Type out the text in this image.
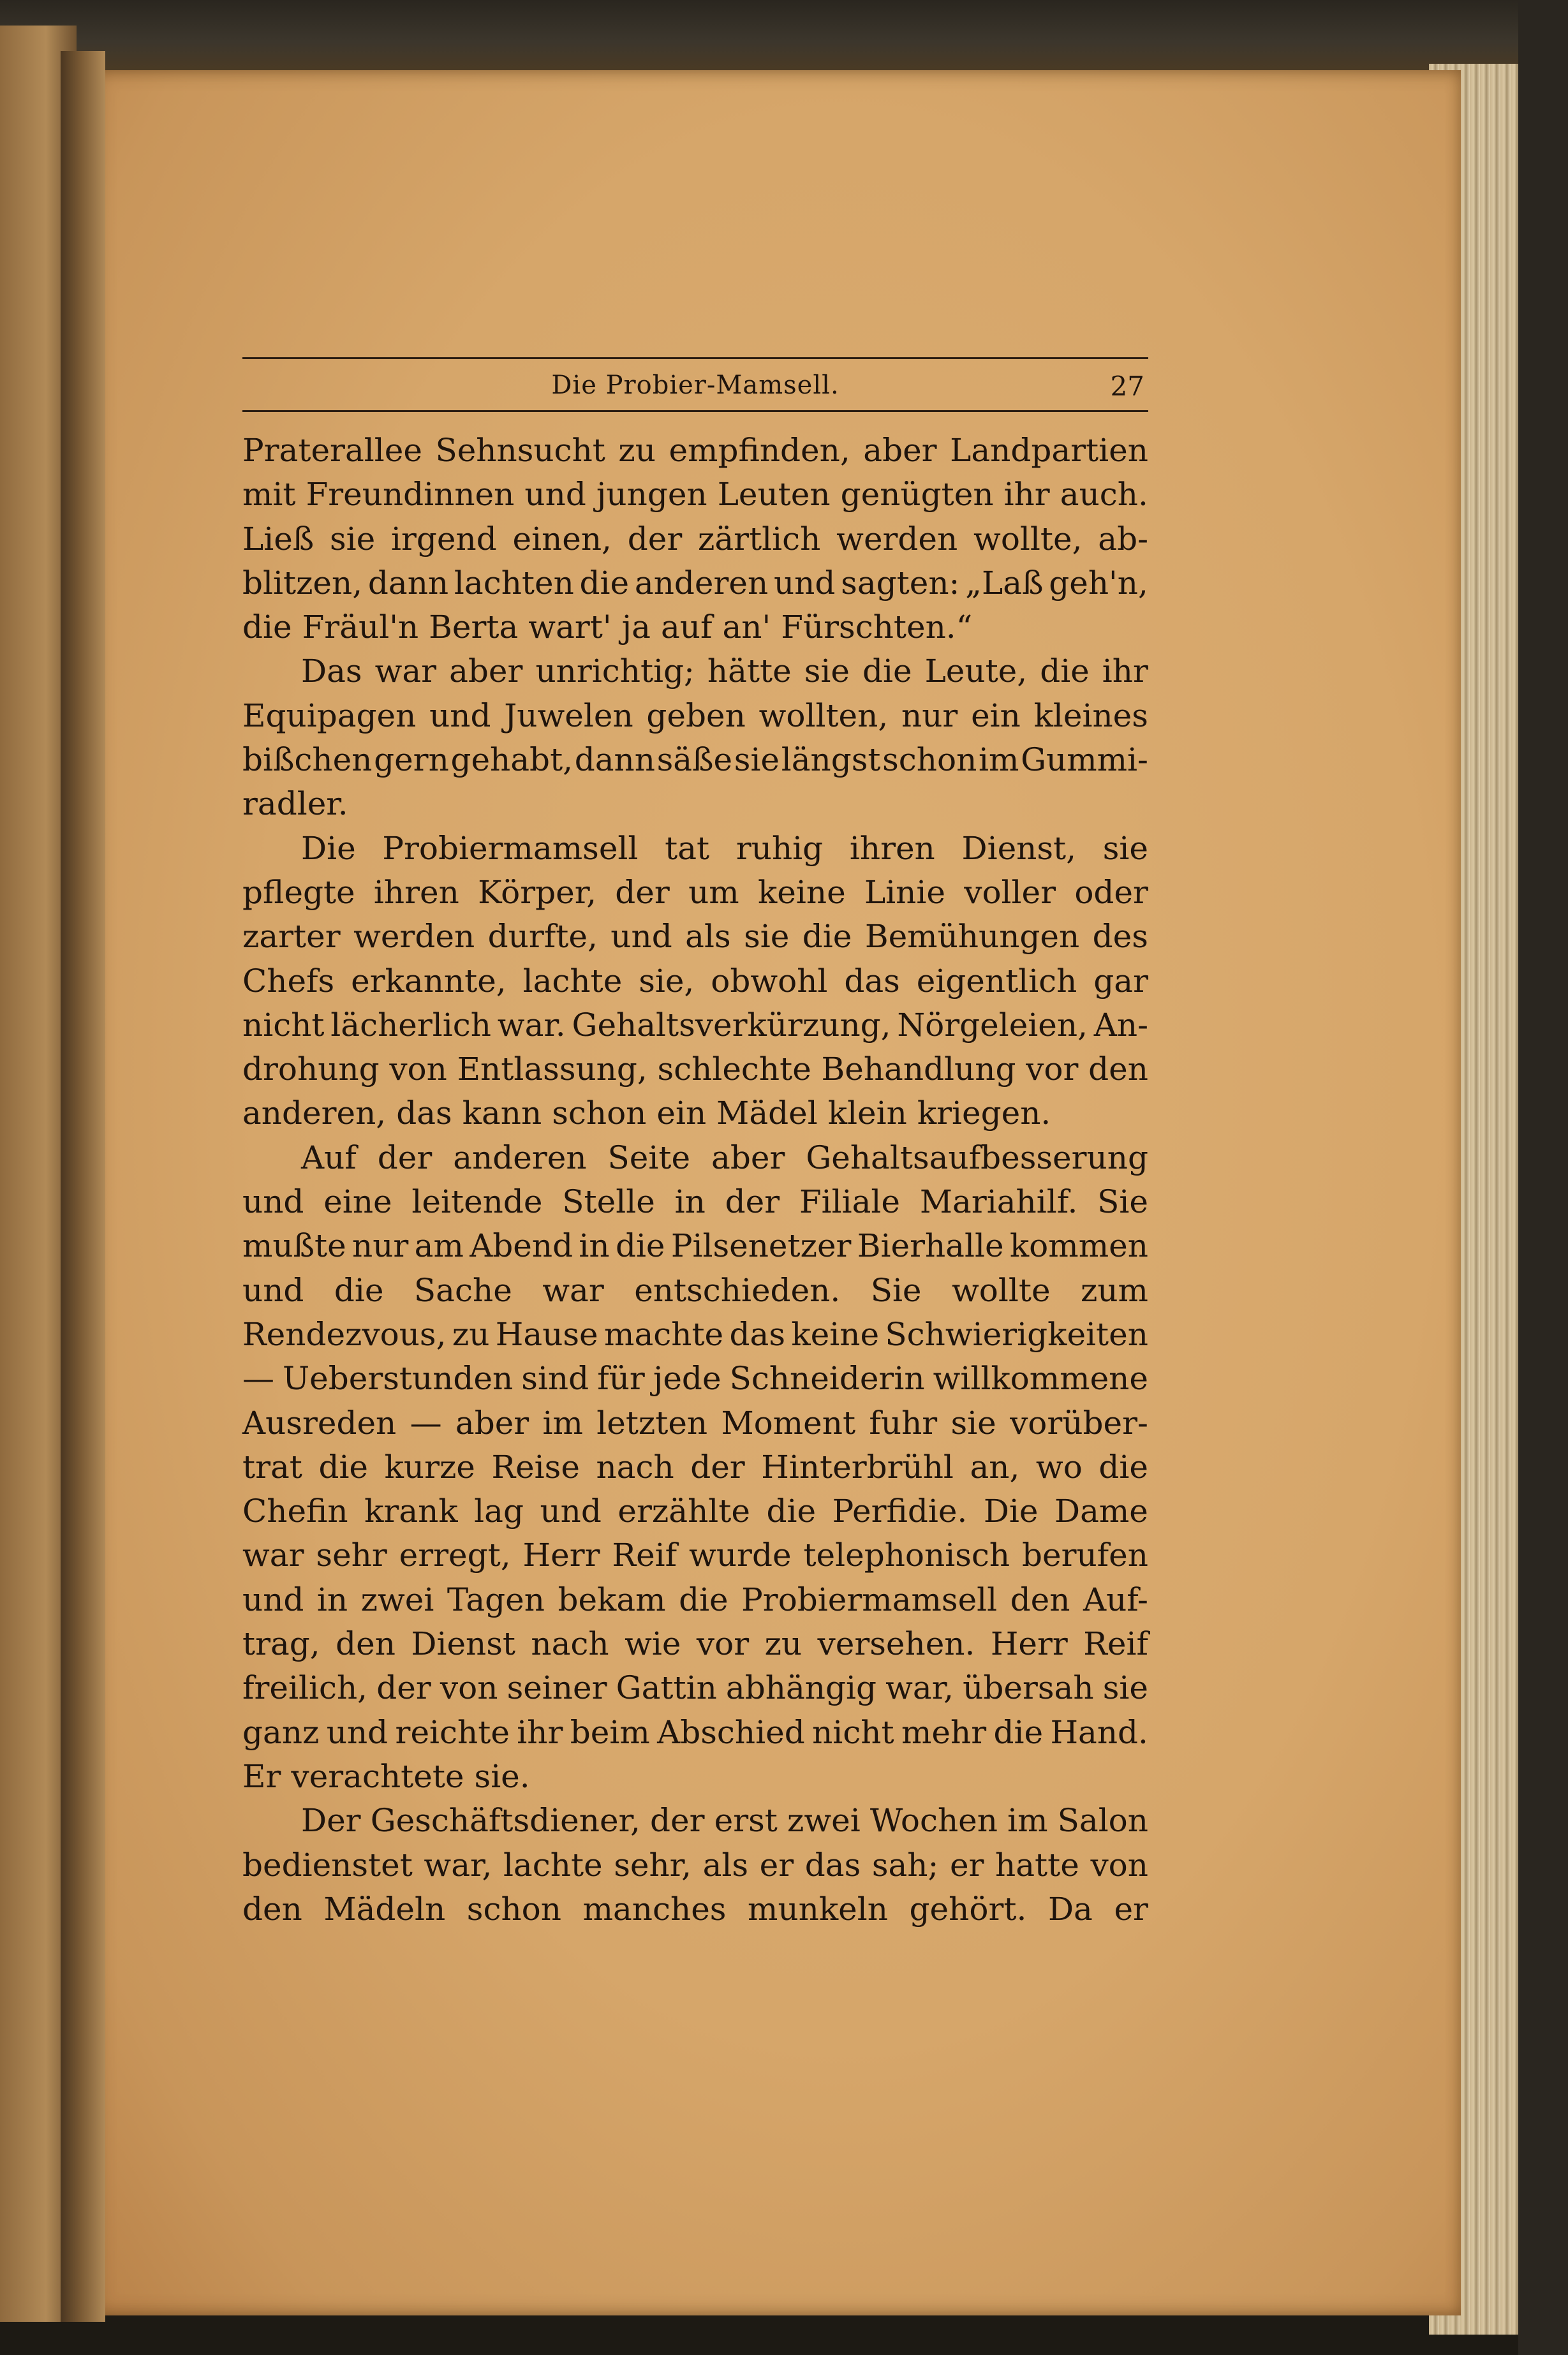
Die Probier-Mamsell.	27
Praterallee Sehnsucht zu empfinden, aber Landpartien
mit Freundinnen und jungen Leuten genügten ihr auch.
Ließ sie irgend einen, der zärtlich werden wollte, ab-
blitzen, dann lachten die anderen und sagten: „Laß geh'n,
die Fräul'n Berta wart' ja auf an' Fürschten.“
Das war aber unrichtig; hätte sie die Leute, die ihr
Equipagen und Juwelen geben wollten, nur ein kleines
bißchen gern gehabt, dann säße sie längst schon im Gummi-
radler.
Die Probiermamsell tat ruhig ihren Dienst, sie
pflegte ihren Körper, der um keine Linie voller oder
zarter werden durfte, und als sie die Bemühungen des
Chefs erkannte, lachte sie, obwohl das eigentlich gar
nicht lächerlich war. Gehaltsverkürzung, Nörgeleien, An-
drohung von Entlassung, schlechte Behandlung vor den
anderen, das kann schon ein Mädel klein kriegen.
Auf der anderen Seite aber Gehaltsaufbesserung
und eine leitende Stelle in der Filiale Mariahilf. Sie
mußte nur am Abend in die Pilsenetzer Bierhalle kommen
und die Sache war entschieden. Sie wollte zum
Rendezvous, zu Hause machte das keine Schwierigkeiten
— Ueberstunden sind für jede Schneiderin willkommene
Ausreden — aber im letzten Moment fuhr sie vorüber-
trat die kurze Reise nach der Hinterbrühl an, wo die
Chefin krank lag und erzählte die Perfidie. Die Dame
war sehr erregt, Herr Reif wurde telephonisch berufen
und in zwei Tagen bekam die Probiermamsell den Auf-
trag, den Dienst nach wie vor zu versehen. Herr Reif
freilich, der von seiner Gattin abhängig war, übersah sie
ganz und reichte ihr beim Abschied nicht mehr die Hand.
Er verachtete sie.
Der Geschäftsdiener, der erst zwei Wochen im Salon
bedienstet war, lachte sehr, als er das sah; er hatte von
den Mädeln schon manches munkeln gehört. Da er
